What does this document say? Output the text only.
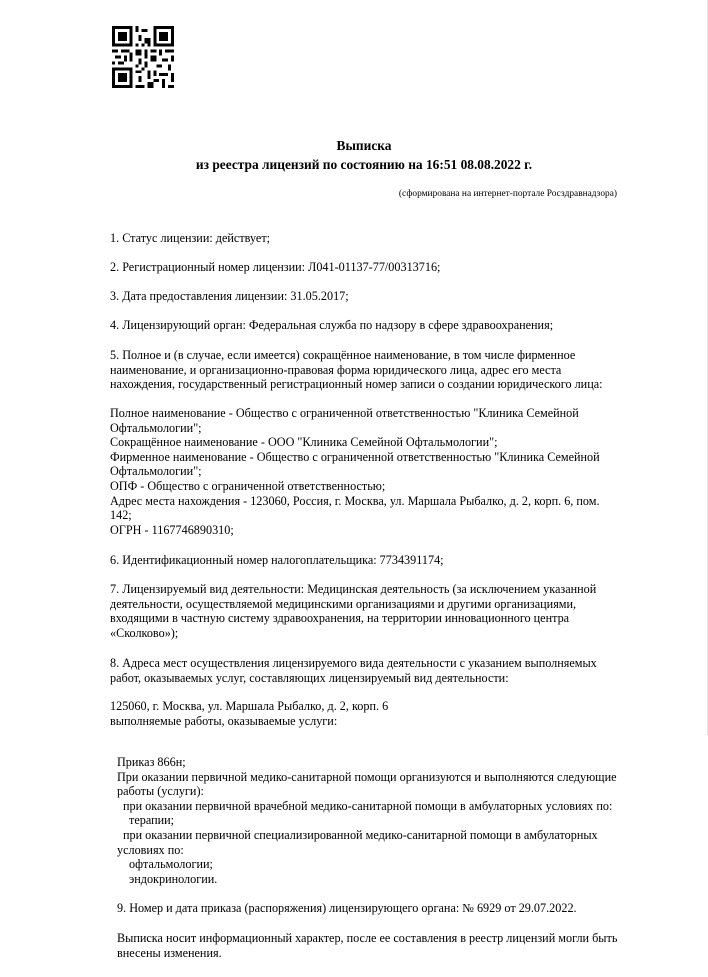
Выписка
из реестра лицензий по состоянию на 16:51 08.08.2022 г.
(сформирована на интернет-портале Росздравнадзора)
1. Статус лицензии: действует;
2. Регистрационный номер лицензии: Л041-01137-77/00313716;
3. Дата предоставления лицензии: 31.05.2017;
4. Лицензирующий орган: Федеральная служба по надзору в сфере здравоохранения;
5. Полное и (в случае, если имеется) сокращённое наименование, в том числе фирменное
наименование, и организационно-правовая форма юридического лица, адрес его места
нахождения, государственный регистрационный номер записи о создании юридического лица:
Полное наименование - Общество с ограниченной ответственностью "Клиника Семейной
Офтальмологии";
Сокращённое наименование - ООО "Клиника Семейной Офтальмологии";
Фирменное наименование - Общество с ограниченной ответственностью "Клиника Семейной
Офтальмологии";
ОПФ - Общество с ограниченной ответственностью;
Адрес места нахождения - 123060, Россия, г. Москва, ул. Маршала Рыбалко, д. 2, корп. 6, пом.
142;
ОГРН - 1167746890310;
6. Идентификационный номер налогоплательщика: 7734391174;
7. Лицензируемый вид деятельности: Медицинская деятельность (за исключением указанной
деятельности, осуществляемой медицинскими организациями и другими организациями,
входящими в частную систему здравоохранения, на территории инновационного центра
«Сколково»);
8. Адреса мест осуществления лицензируемого вида деятельности с указанием выполняемых
работ, оказываемых услуг, составляющих лицензируемый вид деятельности:
125060, г. Москва, ул. Маршала Рыбалко, д. 2, корп. 6
выполняемые работы, оказываемые услуги:
Приказ 866н;
При оказании первичной медико-санитарной помощи организуются и выполняются следующие
работы (услуги):
при оказании первичной врачебной медико-санитарной помощи в амбулаторных условиях по:
терапии;
при оказании первичной специализированной медико-санитарной помощи в амбулаторных
условиях по:
офтальмологии;
эндокринологии.
9. Номер и дата приказа (распоряжения) лицензирующего органа: № 6929 от 29.07.2022.
Выписка носит информационный характер, после ее составления в реестр лицензий могли быть
внесены изменения.
